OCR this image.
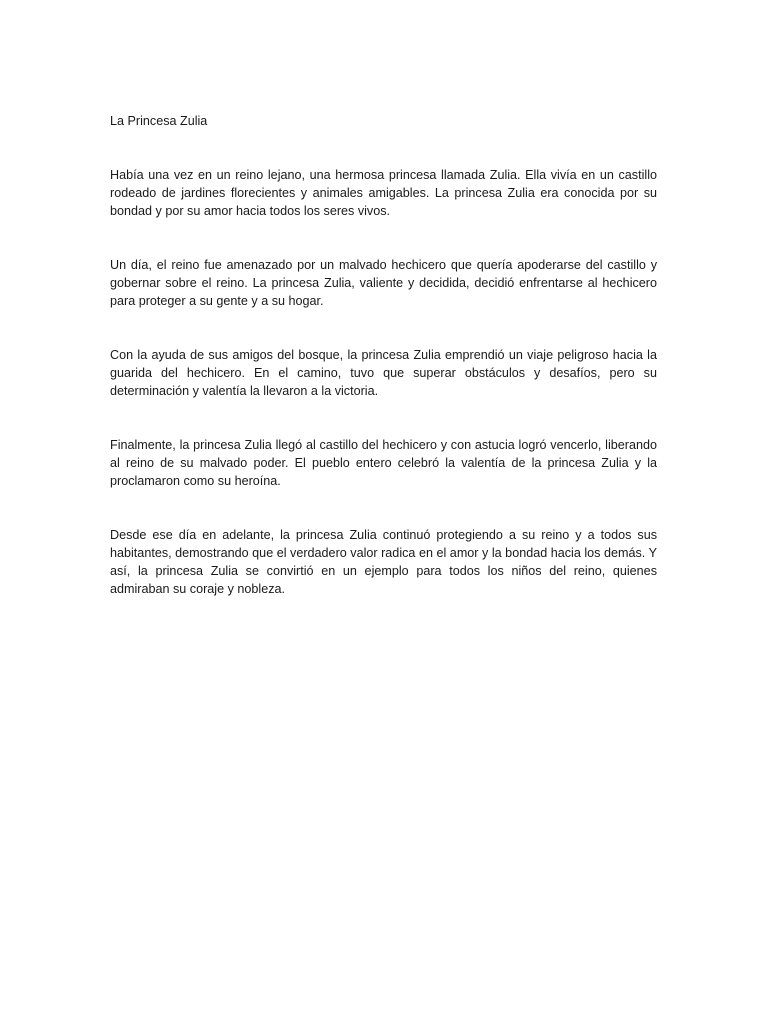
La Princesa Zulia

Había una vez en un reino lejano, una hermosa princesa llamada Zulia. Ella vivía en un castillo rodeado de jardines florecientes y animales amigables. La princesa Zulia era conocida por su bondad y por su amor hacia todos los seres vivos.

Un día, el reino fue amenazado por un malvado hechicero que quería apoderarse del castillo y gobernar sobre el reino. La princesa Zulia, valiente y decidida, decidió enfrentarse al hechicero para proteger a su gente y a su hogar.

Con la ayuda de sus amigos del bosque, la princesa Zulia emprendió un viaje peligroso hacia la guarida del hechicero. En el camino, tuvo que superar obstáculos y desafíos, pero su determinación y valentía la llevaron a la victoria.

Finalmente, la princesa Zulia llegó al castillo del hechicero y con astucia logró vencerlo, liberando al reino de su malvado poder. El pueblo entero celebró la valentía de la princesa Zulia y la proclamaron como su heroína.

Desde ese día en adelante, la princesa Zulia continuó protegiendo a su reino y a todos sus habitantes, demostrando que el verdadero valor radica en el amor y la bondad hacia los demás. Y así, la princesa Zulia se convirtió en un ejemplo para todos los niños del reino, quienes admiraban su coraje y nobleza.
